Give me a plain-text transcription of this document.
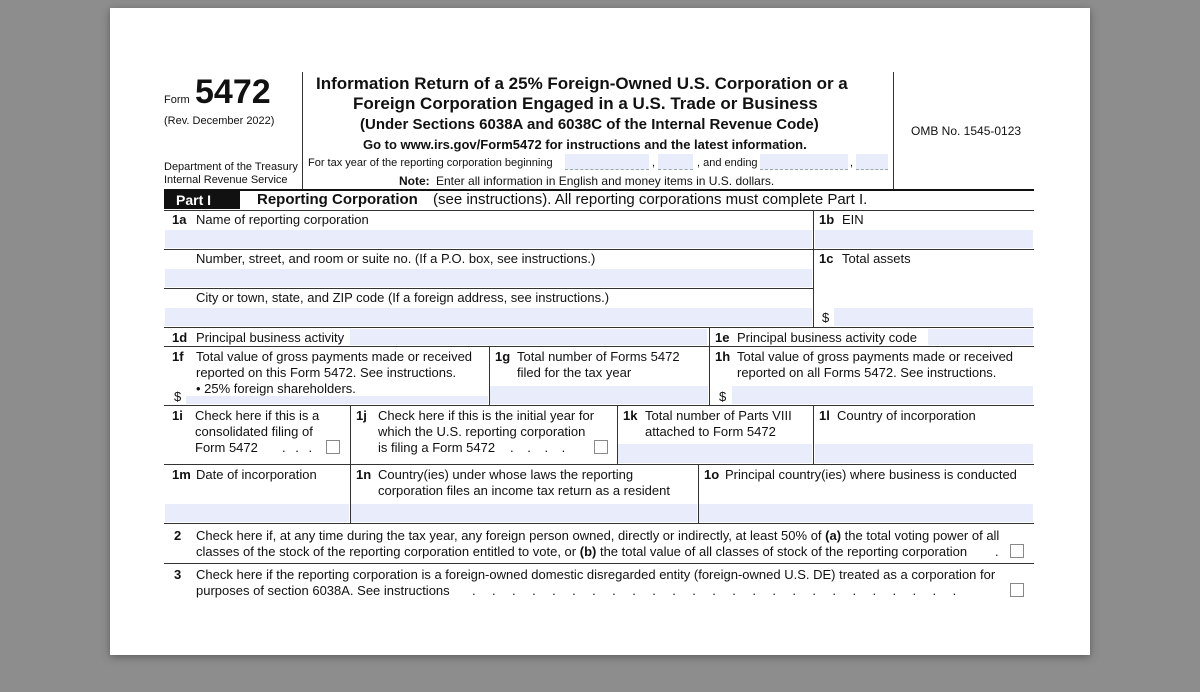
Form 5472
(Rev. December 2022)
Department of the Treasury
Internal Revenue Service
Information Return of a 25% Foreign-Owned U.S. Corporation or a
Foreign Corporation Engaged in a U.S. Trade or Business
(Under Sections 6038A and 6038C of the Internal Revenue Code)
Go to www.irs.gov/Form5472 for instructions and the latest information.
For tax year of the reporting corporation beginning	,	, and ending	,
Note: Enter all information in English and money items in U.S. dollars.
OMB No. 1545-0123
Part I	Reporting Corporation (see instructions). All reporting corporations must complete Part I.
1a Name of reporting corporation	1b EIN
Number, street, and room or suite no. (If a P.O. box, see instructions.)	1c Total assets
City or town, state, and ZIP code (If a foreign address, see instructions.)
$
1d Principal business activity	1e Principal business activity code
1f Total value of gross payments made or received
reported on this Form 5472. See instructions.
• 25% foreign shareholders.
$
1g Total number of Forms 5472
filed for the tax year
1h Total value of gross payments made or received
reported on all Forms 5472. See instructions.
$
1i Check here if this is a
consolidated filing of
Form 5472 . . .
1j Check here if this is the initial year for
which the U.S. reporting corporation
is filing a Form 5472 . . . .
1k Total number of Parts VIII
attached to Form 5472
1l Country of incorporation
1m Date of incorporation	1n Country(ies) under whose laws the reporting
corporation files an income tax return as a resident
1o Principal country(ies) where business is conducted
2 Check here if, at any time during the tax year, any foreign person owned, directly or indirectly, at least 50% of (a) the total voting power of all
classes of the stock of the reporting corporation entitled to vote, or (b) the total value of all classes of stock of the reporting corporation .
3 Check here if the reporting corporation is a foreign-owned domestic disregarded entity (foreign-owned U.S. DE) treated as a corporation for
purposes of section 6038A. See instructions . . . . . . . . . . . . . . . . . . . . . . . . .
